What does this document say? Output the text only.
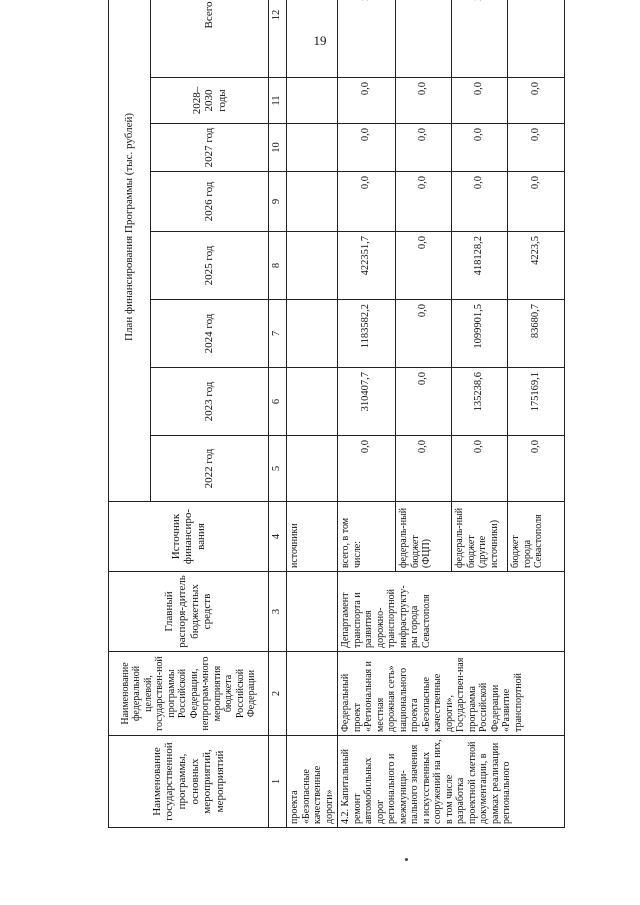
19
Наименование государственной программы, основных мероприятий, мероприятий	Наименование федеральной целевой, государствен-ной программы Российской Федерации, непрограм-много мероприятия бюджета Российской Федерации	Главный распоря-дитель бюджетных средств	Источник финансиро-вания	План финансирования Программы (тыс. рублей)							
				2022 год	2023 год	2024 год	2025 год	2026 год	2027 год	2028–2030 годы	Всего
1	2	3	4	5	6	7	8	9	10	11	12
проекта «Безопасные качественные дороги»			источники								
4.2. Капитальный ремонт автомобильных дорог регионального и межмуници-пального значения и искусственных сооружений на них, в том числе разработка проектной сметной документации, в рамках реализации регионального	Федеральный проект «Региональная и местная дорожная сеть» национального проекта «Безопасные качественные дороги», Государствен-ная программа Российской Федерации «Развитие транспортной	Департамент транспорта и развития дорожно-транспортной инфраструкту-ры города Севастополя	всего, в том числе:	0,0	310407,7	1183582,2	422351,7	0,0	0,0	0,0	
			федераль-ный бюджет (ФЦП)	0,0	0,0	0,0	0,0	0,0	0,0	0,0	
			федераль-ный бюджет (другие источники)	0,0	135238,6	1099901,5	418128,2	0,0	0,0	0,0	
			бюджет города Севастополя	0,0	175169,1	83680,7	4223,5	0,0	0,0	0,0	
